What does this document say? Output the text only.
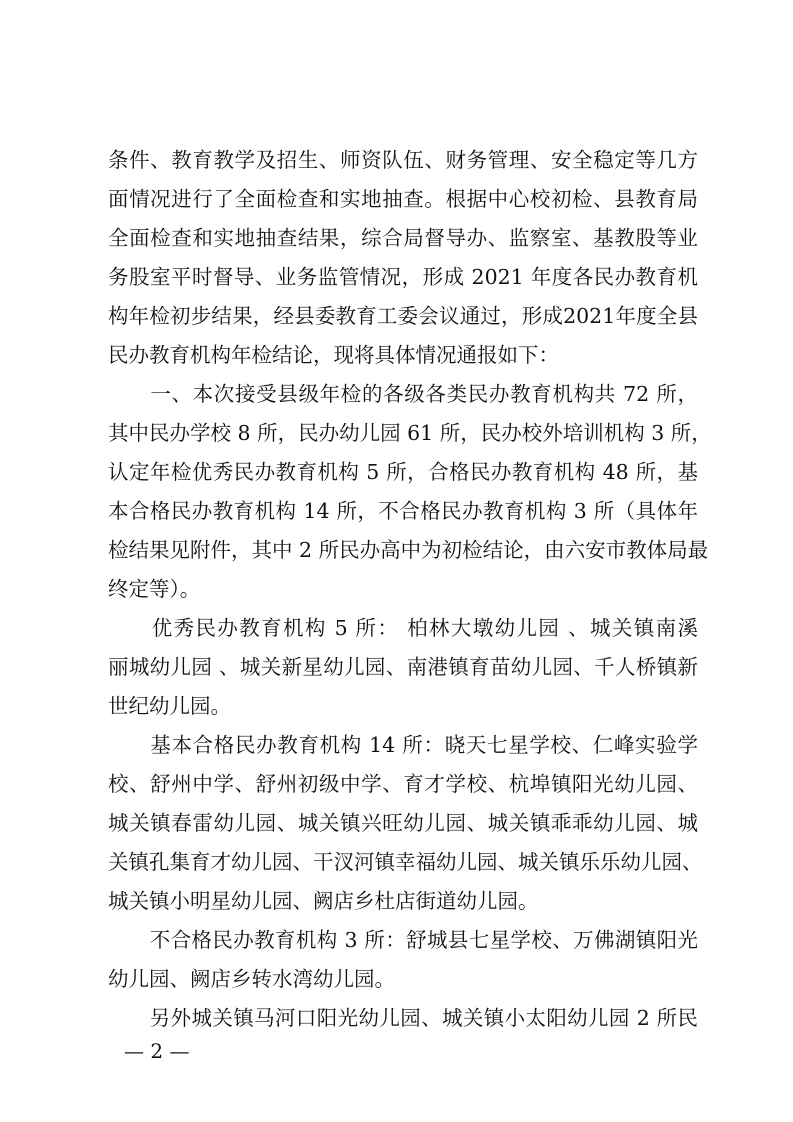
条件、教育教学及招生、师资队伍、财务管理、安全稳定等几方
面情况进行了全面检查和实地抽查。根据中心校初检、县教育局
全面检查和实地抽查结果，综合局督导办、监察室、基教股等业
务股室平时督导、业务监管情况，形成 2021 年度各民办教育机
构年检初步结果，经县委教育工委会议通过，形成2021年度全县
民办教育机构年检结论，现将具体情况通报如下：
　　一、本次接受县级年检的各级各类民办教育机构共 72 所，
其中民办学校 8 所，民办幼儿园 61 所，民办校外培训机构 3 所，
认定年检优秀民办教育机构 5 所，合格民办教育机构 48 所，基
本合格民办教育机构 14 所，不合格民办教育机构 3 所（具体年
检结果见附件，其中 2 所民办高中为初检结论，由六安市教体局最
终定等）。
　　优秀民办教育机构 5 所： 柏林大墩幼儿园 、城关镇南溪
丽城幼儿园 、城关新星幼儿园、南港镇育苗幼儿园、千人桥镇新
世纪幼儿园。
　　基本合格民办教育机构 14 所：晓天七星学校、仁峰实验学
校、舒州中学、舒州初级中学、育才学校、杭埠镇阳光幼儿园、
城关镇春雷幼儿园、城关镇兴旺幼儿园、城关镇乖乖幼儿园、城
关镇孔集育才幼儿园、干汊河镇幸福幼儿园、城关镇乐乐幼儿园、
城关镇小明星幼儿园、阙店乡杜店街道幼儿园。
　　不合格民办教育机构 3 所：舒城县七星学校、万佛湖镇阳光
幼儿园、阙店乡转水湾幼儿园。
　　另外城关镇马河口阳光幼儿园、城关镇小太阳幼儿园 2 所民
— 2 —
